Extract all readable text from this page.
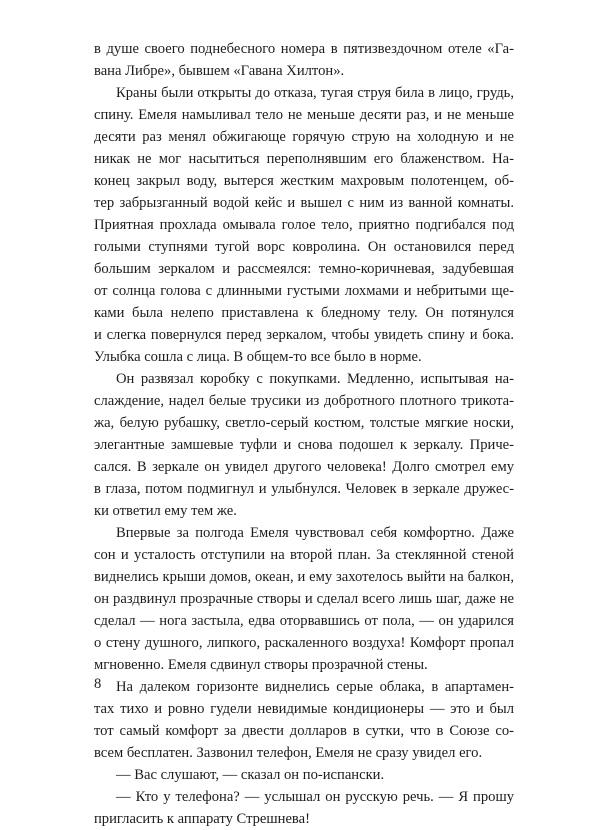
в душе своего поднебесного номера в пятизвездочном отеле «Га-
вана Либре», бывшем «Гавана Хилтон».
Краны были открыты до отказа, тугая струя била в лицо, грудь,
спину. Емеля намыливал тело не меньше десяти раз, и не меньше
десяти раз менял обжигающе горячую струю на холодную и не
никак не мог насытиться переполнявшим его блаженством. На-
конец закрыл воду, вытерся жестким махровым полотенцем, об-
тер забрызганный водой кейс и вышел с ним из ванной комнаты.
Приятная прохлада омывала голое тело, приятно подгибался под
голыми ступнями тугой ворс ковролина. Он остановился перед
большим зеркалом и рассмеялся: темно-коричневая, задубевшая
от солнца голова с длинными густыми лохмами и небритыми ще-
ками была нелепо приставлена к бледному телу. Он потянулся
и слегка повернулся перед зеркалом, чтобы увидеть спину и бока.
Улыбка сошла с лица. В общем-то все было в норме.
Он развязал коробку с покупками. Медленно, испытывая на-
слаждение, надел белые трусики из добротного плотного трикота-
жа, белую рубашку, светло-серый костюм, толстые мягкие носки,
элегантные замшевые туфли и снова подошел к зеркалу. Приче-
сался. В зеркале он увидел другого человека! Долго смотрел ему
в глаза, потом подмигнул и улыбнулся. Человек в зеркале дружес-
ки ответил ему тем же.
Впервые за полгода Емеля чувствовал себя комфортно. Даже
сон и усталость отступили на второй план. За стеклянной стеной
виднелись крыши домов, океан, и ему захотелось выйти на балкон,
он раздвинул прозрачные створы и сделал всего лишь шаг, даже не
сделал — нога застыла, едва оторвавшись от пола, — он ударился
о стену душного, липкого, раскаленного воздуха! Комфорт пропал
мгновенно. Емеля сдвинул створы прозрачной стены.
На далеком горизонте виднелись серые облака, в апартамен-
тах тихо и ровно гудели невидимые кондиционеры — это и был
тот самый комфорт за двести долларов в сутки, что в Союзе со-
всем бесплатен. Зазвонил телефон, Емеля не сразу увидел его.
— Вас слушают, — сказал он по-испански.
— Кто у телефона? — услышал он русскую речь. — Я прошу
пригласить к аппарату Стрешнева!
8
